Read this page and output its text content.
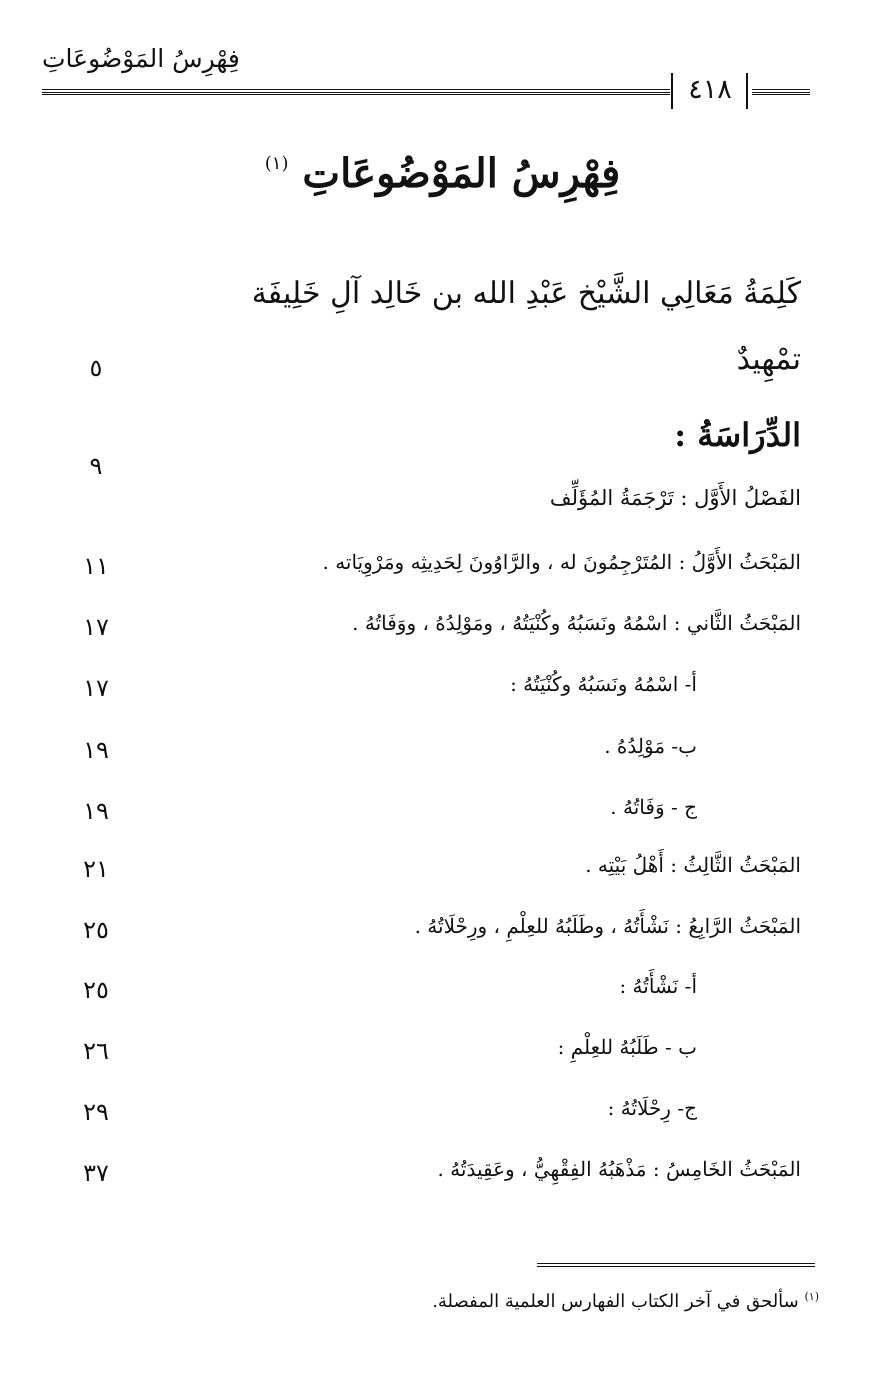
فِهْرِسُ المَوْضُوعَاتِ
٤١٨
فِهْرِسُ المَوْضُوعَاتِ $^{(١)}$
كَلِمَةُ مَعَالِي الشَّيْخ عَبْدِ الله بن خَالِد آلِ خَلِيفَة
تمْهِيدٌ
٥
الدِّرَاسَةُ :
٩
الفَصْلُ الأَوَّل : تَرْجَمَةُ المُؤَلِّف
المَبْحَثُ الأَوَّلُ : المُتَرْجِمُونَ له ، والرَّاوُونَ لِحَدِيثِه ومَرْوِيَاته .
١١
المَبْحَثُ الثَّاني : اسْمُهُ ونَسَبُهُ وكُنْيَتُهُ ، ومَوْلِدُهُ ، ووَفَاتُهُ .
١٧
أ- اسْمُهُ ونَسَبُهُ وكُنْيَتُهُ :
١٧
ب- مَوْلِدُهُ .
١٩
ج - وَفَاتُهُ .
١٩
المَبْحَثُ الثَّالِثُ : أَهْلُ بَيْتِه .
٢١
المَبْحَثُ الرَّابِعُ : نَشْأَتُهُ ، وطَلَبُهُ للعِلْمِ ، ورِحْلَاتُهُ .
٢٥
أ- نَشْأَتُهُ :
٢٥
ب - طَلَبُهُ للعِلْمِ :
٢٦
ج- رِحْلَاتُهُ :
٢٩
المَبْحَثُ الخَامِسُ : مَذْهَبُهُ الفِقْهِيُّ ، وعَقِيدَتُهُ .
٣٧
$^{(١)}$ سألحق في آخر الكتاب الفهارس العلمية المفصلة.
